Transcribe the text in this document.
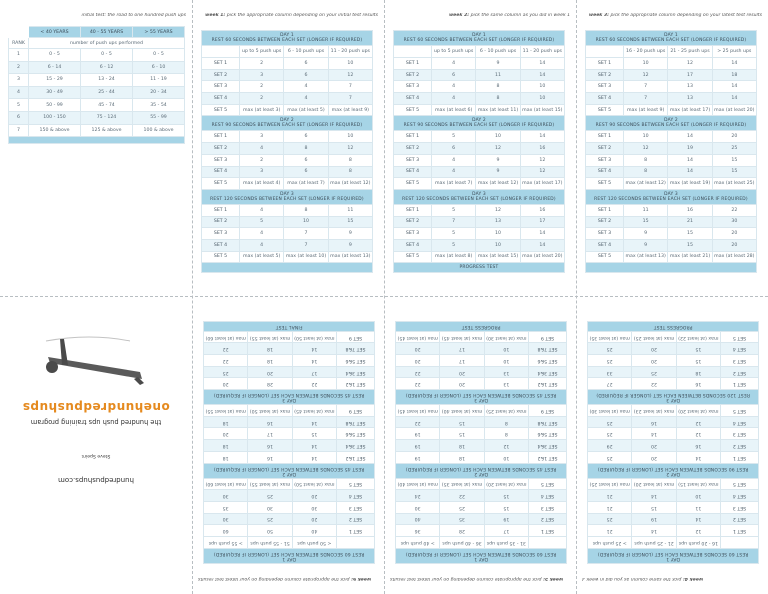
initial test: the road to one hundred push ups
	< 40 YEARS	40 - 55 YEARS	> 55 YEARS
RANK	number of push ups performed		
1	0 - 5	0 - 5	0 - 5
2	6 - 14	6 - 12	6 - 10
3	15 - 29	13 - 24	11 - 19
4	30 - 49	25 - 44	20 - 34
5	50 - 99	45 - 74	35 - 54
6	100 - 150	75 - 124	55 - 99
7	150 & above	125 & above	100 & above

week 1: pick the appropriate column depending on your initial test results
DAY 1
REST 60 SECONDS BETWEEN EACH SET (LONGER IF REQUIRED)			

	up to 5 push ups	6 - 10 push ups	11 - 20 push ups
SET 1	2	6	10
SET 2	3	6	12
SET 3	2	4	7
SET 4	2	4	7
SET 5	max (at least 3)	max (at least 5)	max (at least 9)

DAY 2
REST 90 SECONDS BETWEEN EACH SET (LONGER IF REQUIRED)			

SET 1	3	6	10
SET 2	4	8	12
SET 3	2	6	8
SET 4	3	6	8
SET 5	max (at least 4)	max (at least 7)	max (at least 12)

DAY 3
REST 120 SECONDS BETWEEN EACH SET (LONGER IF REQUIRED)			

SET 1	4	8	11
SET 2	5	10	15
SET 3	4	7	9
SET 4	4	7	9
SET 5	max (at least 5)	max (at least 10)	max (at least 13)

week 2: pick the same column as you did in week 1
DAY 1
REST 60 SECONDS BETWEEN EACH SET (LONGER IF REQUIRED)			

	up to 5 push ups	6 - 10 push ups	11 - 20 push ups
SET 1	4	9	14
SET 2	6	11	14
SET 3	4	8	10
SET 4	4	8	10
SET 5	max (at least 6)	max (at least 11)	max (at least 15)

DAY 2
REST 90 SECONDS BETWEEN EACH SET (LONGER IF REQUIRED)			

SET 1	5	10	14
SET 2	6	12	16
SET 3	4	9	12
SET 4	4	9	12
SET 5	max (at least 7)	max (at least 12)	max (at least 17)

DAY 3
REST 120 SECONDS BETWEEN EACH SET (LONGER IF REQUIRED)			

SET 1	5	12	16
SET 2	7	13	17
SET 3	5	10	14
SET 4	5	10	14
SET 5	max (at least 8)	max (at least 15)	max (at least 20)
PROGRESS TEST			
week 3: pick the appropriate column depending on your latest test results
DAY 1
REST 60 SECONDS BETWEEN EACH SET (LONGER IF REQUIRED)			

	16 - 20 push ups	21 - 25 push ups	> 25 push ups
SET 1	10	12	14
SET 2	12	17	18
SET 3	7	13	14
SET 4	7	13	14
SET 5	max (at least 9)	max (at least 17)	max (at least 20)

DAY 2
REST 90 SECONDS BETWEEN EACH SET (LONGER IF REQUIRED)			

SET 1	10	14	20
SET 2	12	19	25
SET 3	8	14	15
SET 4	8	14	15
SET 5	max (at least 12)	max (at least 19)	max (at least 25)

DAY 3
REST 120 SECONDS BETWEEN EACH SET (LONGER IF REQUIRED)			

SET 1	11	16	22
SET 2	15	21	30
SET 3	9	15	20
SET 4	9	15	20
SET 5	max (at least 13)	max (at least 21)	max (at least 28)

hundredpushups.com
Steve Speirs
the hundred push ups training program
onehundredpushups
week 6: pick the appropriate column depending on your latest test results
DAY 1
REST 60 SECONDS BETWEEN EACH SET (LONGER IF REQUIRED)			

	< 50 push ups	51 - 55 push ups	> 55 push ups
SET 1	40	50	60
SET 2	20	25	30
SET 3	30	30	35
SET 4	20	25	30
SET 5	max (at least 50)	max (at least 55)	max (at least 60)

DAY 2
REST 45 SECONDS BETWEEN EACH SET (LONGER IF REQUIRED)			

SET 1&2	14	16	18
SET 3&4	14	16	18
SET 5&6	15	17	20
SET 7&8	14	16	18
SET 9	max (at least 45)	max (at least 50)	max (at least 55)

DAY 3
REST 45 SECONDS BETWEEN EACH SET (LONGER IF REQUIRED)			

SET 1&2	22	28	20
SET 3&4	17	20	25
SET 5&6	14	18	22
SET 7&8	14	18	22
SET 9	max (at least 50)	max (at least 55)	max (at least 60)
FINAL TEST			
week 5: pick the appropriate column depending on your latest test results
DAY 1
REST 60 SECONDS BETWEEN EACH SET (LONGER IF REQUIRED)			

	31 - 35 push ups	36 - 40 push ups	> 40 push ups
SET 1	17	28	36
SET 2	19	35	40
SET 3	15	25	30
SET 4	15	22	24
SET 5	max (at least 20)	max (at least 35)	max (at least 40)

DAY 2
REST 45 SECONDS BETWEEN EACH SET (LONGER IF REQUIRED)			

SET 1&2	10	18	19
SET 3&4	12	18	19
SET 5&6	8	15	19
SET 7&8	8	15	22
SET 9	max (at least 25)	max (at least 40)	max (at least 45)

DAY 3
REST 45 SECONDS BETWEEN EACH SET (LONGER IF REQUIRED)			

SET 1&2	13	20	22
SET 3&4	13	20	22
SET 5&6	10	17	20
SET 7&8	10	17	20
SET 9	max (at least 30)	max (at least 45)	max (at least 45)
PROGRESS TEST			
week 4: pick the same column as you did in week 3
DAY 1
REST 60 SECONDS BETWEEN EACH SET (LONGER IF REQUIRED)			

	16 - 20 push ups	21 - 25 push ups	> 25 push ups
SET 1	12	14	21
SET 2	14	19	25
SET 3	11	15	21
SET 4	10	14	21
SET 5	max (at least 15)	max (at least 20)	max (at least 25)

DAY 2
REST 90 SECONDS BETWEEN EACH SET (LONGER IF REQUIRED)			

SET 1	14	20	25
SET 2	16	20	29
SET 3	12	14	25
SET 4	12	16	25
SET 5	max (at least 20)	max (at least 23)	max (at least 30)

DAY 3
REST 120 SECONDS BETWEEN EACH SET (LONGER IF REQUIRED)			

SET 1	16	22	27
SET 2	18	25	33
SET 3	15	20	25
SET 4	15	20	25
SET 5	max (at least 22)	max (at least 25)	max (at least 35)
PROGRESS TEST			
